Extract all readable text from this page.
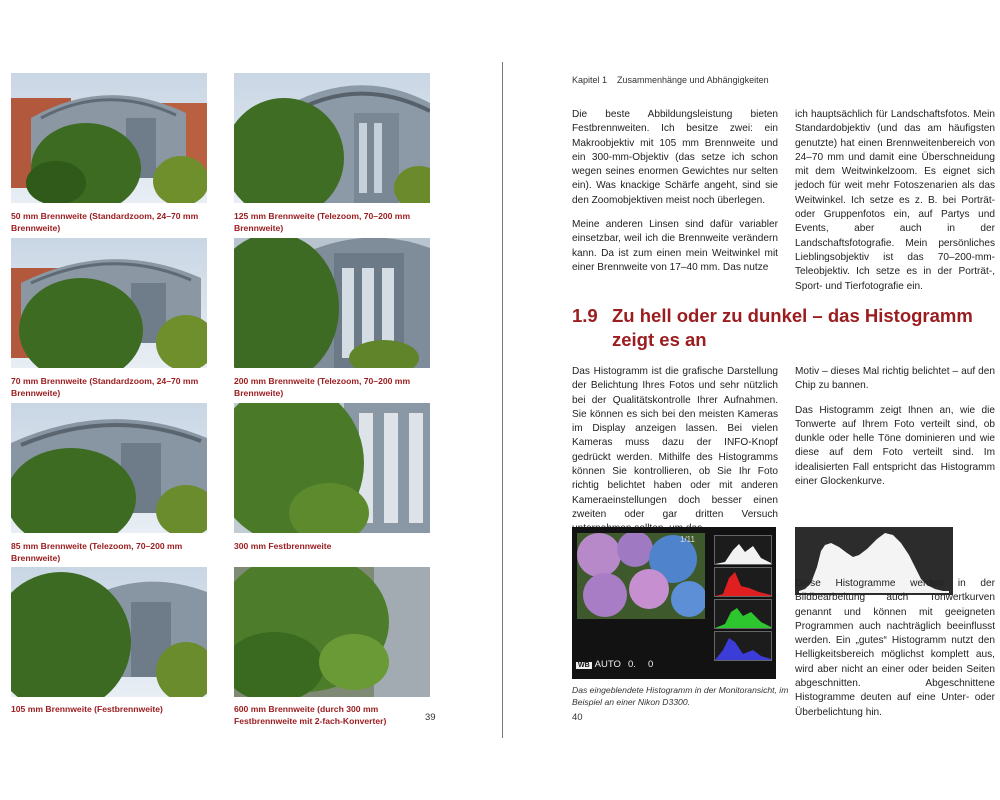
50 mm Brennweite (Standardzoom, 24–70 mm Brennweite)
125 mm Brennweite (Telezoom, 70–200 mm Brennweite)
70 mm Brennweite (Standardzoom, 24–70 mm Brennweite)
200 mm Brennweite (Telezoom, 70–200 mm Brennweite)
85 mm Brennweite (Telezoom, 70–200 mm Brennweite)
300 mm Festbrennweite
105 mm Brennweite (Festbrennweite)	600 mm Brennweite (durch 300 mm Festbrennweite mit 2-fach-Konverter)	39
Kapitel 1    Zusammenhänge und Abhängigkeiten

Die beste Abbildungsleistung bieten Festbrennweiten. Ich besitze zwei: ein Makroobjektiv mit 105 mm Brennweite und ein 300-mm-Objektiv (das setze ich schon wegen seines enormen Gewichtes nur selten ein). Was knackige Schärfe angeht, sind sie den Zoomobjektiven meist noch überlegen.

Meine anderen Linsen sind dafür variabler einsetzbar, weil ich die Brennweite verändern kann. Da ist zum einen mein Weitwinkel mit einer Brennweite von 17–40 mm. Das nutze

ich hauptsächlich für Landschaftsfotos. Mein Standardobjektiv (und das am häufigsten genutzte) hat einen Brennweitenbereich von 24–70 mm und damit eine Überschneidung mit dem Weitwinkelzoom. Es eignet sich jedoch für weit mehr Fotoszenarien als das Weitwinkel. Ich setze es z. B. bei Porträt- oder Gruppenfotos ein, auf Partys und Events, aber auch in der Landschaftsfotografie. Mein persönliches Lieblingsobjektiv ist das 70–200-mm-Teleobjektiv. Ich setze es in der Porträt-, Sport- und Tierfotografie ein.

1.9 Zu hell oder zu dunkel – das Histogramm
zeigt es an

Das Histogramm ist die grafische Darstellung der Belichtung Ihres Fotos und sehr nützlich bei der Qualitätskontrolle Ihrer Aufnahmen. Sie können es sich bei den meisten Kameras im Display anzeigen lassen. Bei vielen Kameras muss dazu der INFO-Knopf gedrückt werden. Mithilfe des Histogramms können Sie kontrollieren, ob Sie Ihr Foto richtig belichtet haben oder mit anderen Kameraeinstellungen doch besser einen zweiten oder gar dritten Versuch

Motiv – dieses Mal richtig belichtet – auf den Chip zu bannen.

Das Histogramm zeigt Ihnen an, wie die Tonwerte auf Ihrem Foto verteilt sind, ob dunkle oder helle Töne dominieren und wie diese auf dem Foto verteilt sind. Im idealisierten Fall entspricht das Histogramm einer Glockenkurve.

Diese Histogramme werden in der Bildbearbeitung auch Tonwertkurven genannt und können mit geeigneten Programmen auch nachträglich beeinflusst werden. Ein „gutes“ Histogramm nutzt den Helligkeitsbereich möglichst komplett aus, wird aber nicht an einer oder beiden Seiten abgeschnitten. Abgeschnittene Histogramme deuten auf eine Unter- oder Überbelichtung hin.

1/11
WB AUTO 0. 0
Das eingeblendete Histogramm in der Monitoransicht, im Beispiel an einer Nikon D3300.
40
